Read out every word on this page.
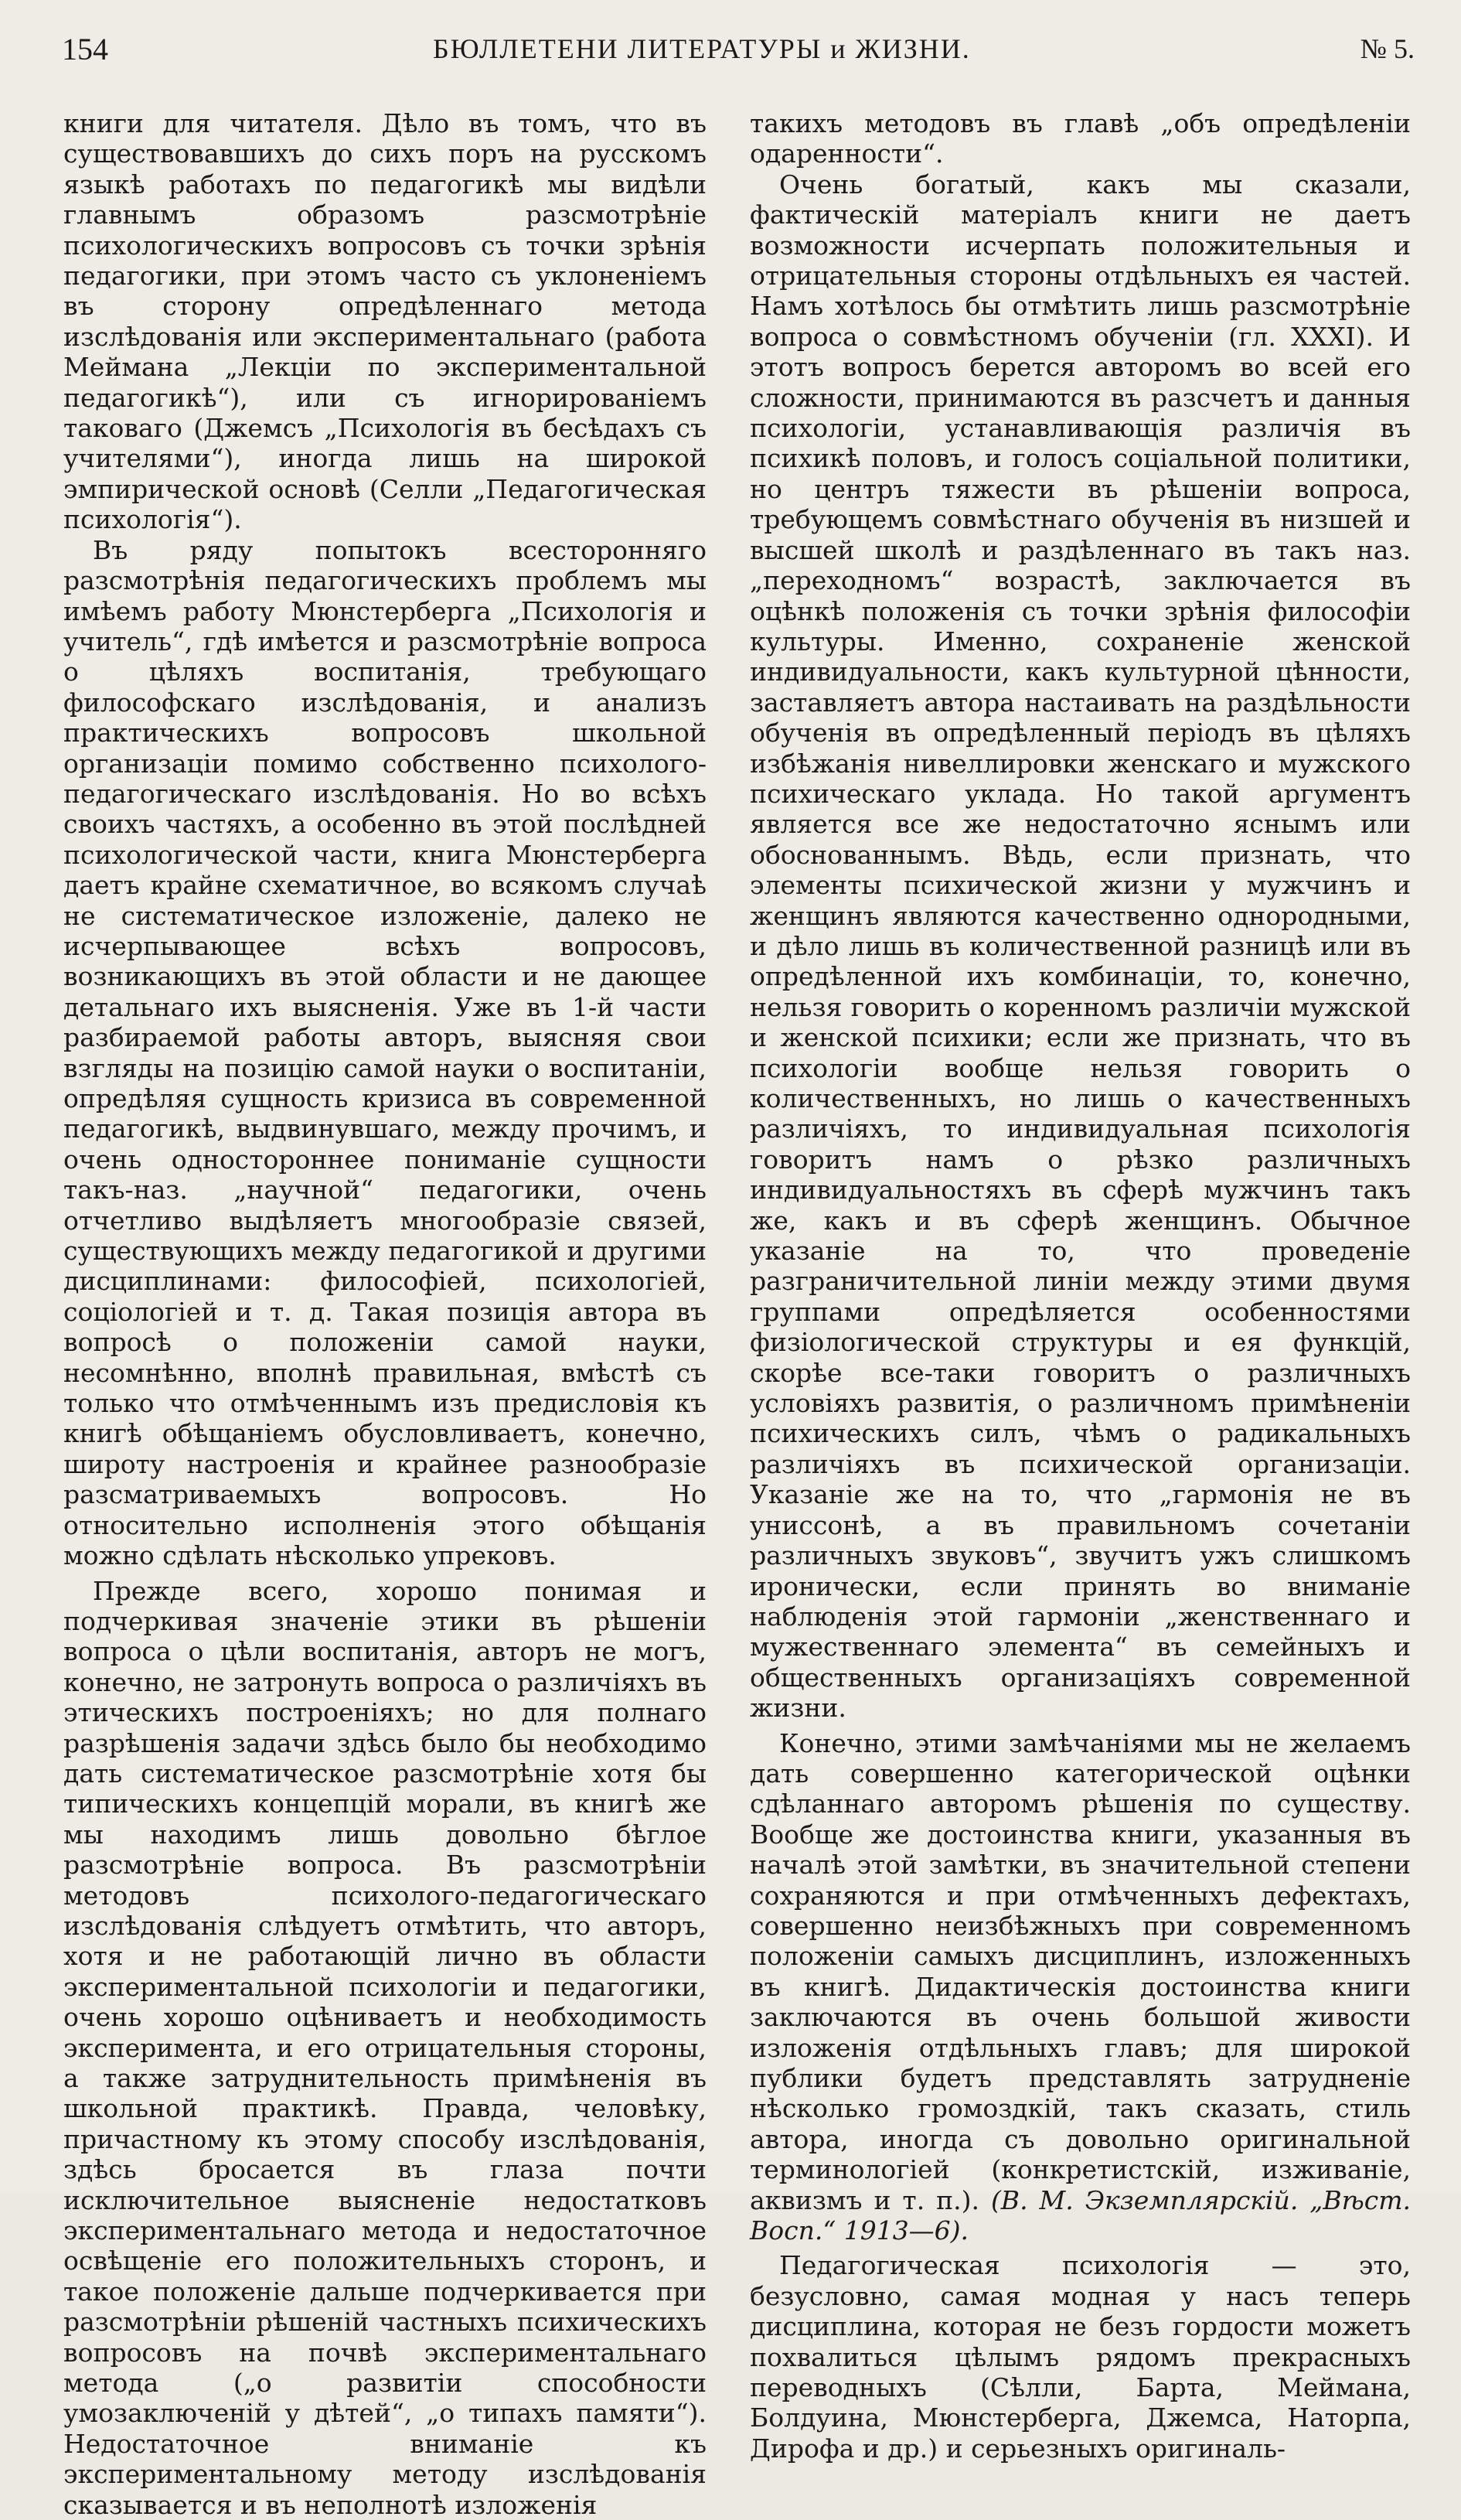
154	БЮЛЛЕТЕНИ ЛИТЕРАТУРЫ и ЖИЗНИ.	№ 5.

книги для читателя. Дѣло въ томъ, что въ существовавшихъ до сихъ поръ на русскомъ языкѣ работахъ по педагогикѣ мы видѣли главнымъ образомъ разсмотрѣніе психологическихъ вопросовъ съ точки зрѣнія педагогики, при этомъ часто съ уклоненіемъ въ сторону опредѣленнаго метода изслѣдованія или экспериментальнаго (работа Меймана „Лекціи по экспериментальной педагогикѣ“), или съ игнорированіемъ таковаго (Джемсъ „Психологія въ бесѣдахъ съ учителями“), иногда лишь на широкой эмпирической основѣ (Селли „Педагогическая психологія“).

Въ ряду попытокъ всесторонняго разсмотрѣнія педагогическихъ проблемъ мы имѣемъ работу Мюнстерберга „Психологія и учитель“, гдѣ имѣется и разсмотрѣніе вопроса о цѣляхъ воспитанія, требующаго философскаго изслѣдованія, и анализъ практическихъ вопросовъ школьной организаціи помимо собственно психолого-педагогическаго изслѣдованія. Но во всѣхъ своихъ частяхъ, а особенно въ этой послѣдней психологической части, книга Мюнстерберга даетъ крайне схематичное, во всякомъ случаѣ не систематическое изложеніе, далеко не исчерпывающее всѣхъ вопросовъ, возникающихъ въ этой области и не дающее детальнаго ихъ выясненія. Уже въ 1-й части разбираемой работы авторъ, выясняя свои взгляды на позицію самой науки о воспитаніи, опредѣляя сущность кризиса въ современной педагогикѣ, выдвинувшаго, между прочимъ, и очень одностороннее пониманіе сущности такъ-наз. „научной“ педагогики, очень отчетливо выдѣляетъ многообразіе связей, существующихъ между педагогикой и другими дисциплинами: философіей, психологіей, соціологіей и т. д. Такая позиція автора въ вопросѣ о положеніи самой науки, несомнѣнно, вполнѣ правильная, вмѣстѣ съ только что отмѣченнымъ изъ предисловія къ книгѣ обѣщаніемъ обусловливаетъ, конечно, широту настроенія и крайнее разнообразіе разсматриваемыхъ вопросовъ. Но относительно исполненія этого обѣщанія можно сдѣлать нѣсколько упрековъ.

Прежде всего, хорошо понимая и подчеркивая значеніе этики въ рѣшеніи вопроса о цѣли воспитанія, авторъ не могъ, конечно, не затронуть вопроса о различіяхъ въ этическихъ построеніяхъ; но для полнаго разрѣшенія задачи здѣсь было бы необходимо дать систематическое разсмотрѣніе хотя бы типическихъ концепцій морали, въ книгѣ же мы находимъ лишь довольно бѣглое разсмотрѣніе вопроса. Въ разсмотрѣніи методовъ психолого-педагогическаго изслѣдованія слѣдуетъ отмѣтить, что авторъ, хотя и не работающій лично въ области экспериментальной психологіи и педагогики, очень хорошо оцѣниваетъ и необходимость эксперимента, и его отрицательныя стороны, а также затруднительность примѣненія въ школьной практикѣ. Правда, человѣку, причастному къ этому способу изслѣдованія, здѣсь бросается въ глаза почти исключительное выясненіе недостатковъ экспериментальнаго метода и недостаточное освѣщеніе его положительныхъ сторонъ, и такое положеніе дальше подчеркивается при разсмотрѣніи рѣшеній частныхъ психическихъ вопросовъ на почвѣ экспериментальнаго метода („о развитіи способности умозаключеній у дѣтей“, „о типахъ памяти“). Недостаточное вниманіе къ экспериментальному методу изслѣдованія сказывается и въ неполнотѣ изложенія

такихъ методовъ въ главѣ „объ опредѣленіи одаренности“.

Очень богатый, какъ мы сказали, фактическій матеріалъ книги не даетъ возможности исчерпать положительныя и отрицательныя стороны отдѣльныхъ ея частей. Намъ хотѣлось бы отмѣтить лишь разсмотрѣніе вопроса о совмѣстномъ обученіи (гл. XXXI). И этотъ вопросъ берется авторомъ во всей его сложности, принимаются въ разсчетъ и данныя психологіи, устанавливающія различія въ психикѣ половъ, и голосъ соціальной политики, но центръ тяжести въ рѣшеніи вопроса, требующемъ совмѣстнаго обученія въ низшей и высшей школѣ и раздѣленнаго въ такъ наз. „переходномъ“ возрастѣ, заключается въ оцѣнкѣ положенія съ точки зрѣнія философіи культуры. Именно, сохраненіе женской индивидуальности, какъ культурной цѣнности, заставляетъ автора настаивать на раздѣльности обученія въ опредѣленный періодъ въ цѣляхъ избѣжанія нивеллировки женскаго и мужского психическаго уклада. Но такой аргументъ является все же недостаточно яснымъ или обоснованнымъ. Вѣдь, если признать, что элементы психической жизни у мужчинъ и женщинъ являются качественно однородными, и дѣло лишь въ количественной разницѣ или въ опредѣленной ихъ комбинаціи, то, конечно, нельзя говорить о коренномъ различіи мужской и женской психики; если же признать, что въ психологіи вообще нельзя говорить о количественныхъ, но лишь о качественныхъ различіяхъ, то индивидуальная психологія говоритъ намъ о рѣзко различныхъ индивидуальностяхъ въ сферѣ мужчинъ такъ же, какъ и въ сферѣ женщинъ. Обычное указаніе на то, что проведеніе разграничительной линіи между этими двумя группами опредѣляется особенностями физіологической структуры и ея функцій, скорѣе все-таки говоритъ о различныхъ условіяхъ развитія, о различномъ примѣненіи психическихъ силъ, чѣмъ о радикальныхъ различіяхъ въ психической организаціи. Указаніе же на то, что „гармонія не въ униссонѣ, а въ правильномъ сочетаніи различныхъ звуковъ“, звучитъ ужъ слишкомъ иронически, если принять во вниманіе наблюденія этой гармоніи „женственнаго и мужественнаго элемента“ въ семейныхъ и общественныхъ организаціяхъ современной жизни.

Конечно, этими замѣчаніями мы не желаемъ дать совершенно категорической оцѣнки сдѣланнаго авторомъ рѣшенія по существу. Вообще же достоинства книги, указанныя въ началѣ этой замѣтки, въ значительной степени сохраняются и при отмѣченныхъ дефектахъ, совершенно неизбѣжныхъ при современномъ положеніи самыхъ дисциплинъ, изложенныхъ въ книгѣ. Дидактическія достоинства книги заключаются въ очень большой живости изложенія отдѣльныхъ главъ; для широкой публики будетъ представлять затрудненіе нѣсколько громоздкій, такъ сказать, стиль автора, иногда съ довольно оригинальной терминологіей (конкретистскій, изживаніе, аквизмъ и т. п.). (В. М. Экземплярскій. „Вѣст. Восп.“ 1913—6).

Педагогическая психологія — это, безусловно, самая модная у насъ теперь дисциплина, которая не безъ гордости можетъ похвалиться цѣлымъ рядомъ прекрасныхъ переводныхъ (Сѣлли, Барта, Меймана, Болдуина, Мюнстерберга, Джемса, Наторпа, Дирофа и др.) и серьезныхъ оригиналь-
